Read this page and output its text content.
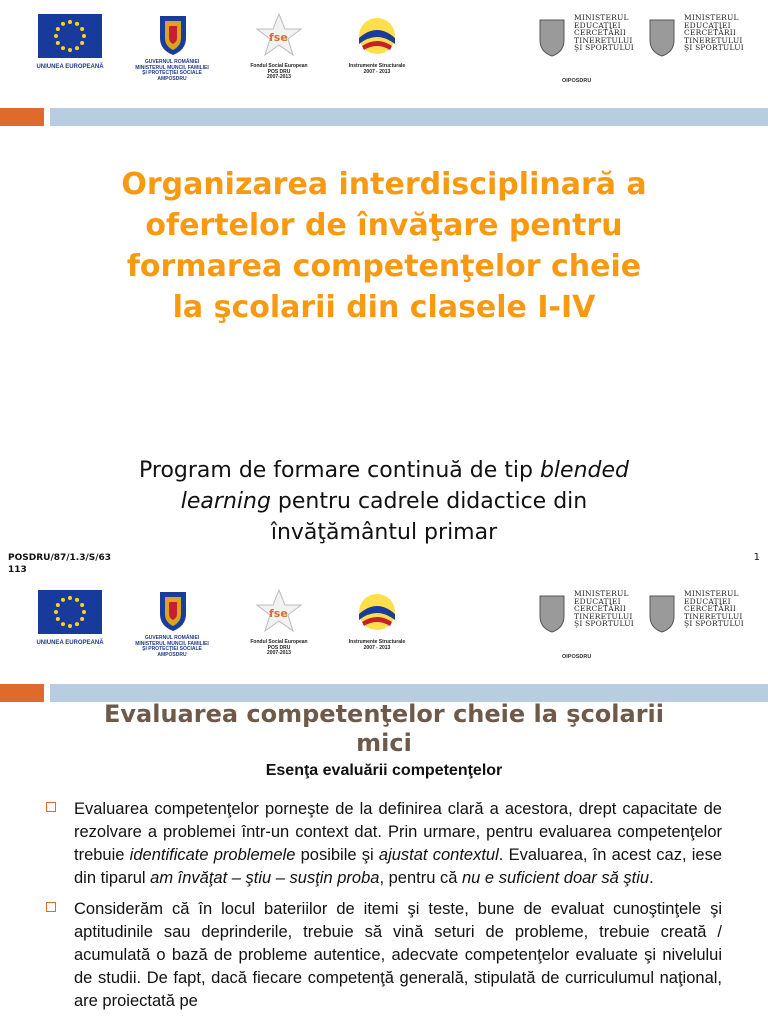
UNIUNEA EUROPEANĂ
GUVERNUL ROMÂNIEI
MINISTERUL MUNCII, FAMILIEI
ŞI PROTECŢIEI SOCIALE
AMPOSDRU
fse
Fondul Social European
POS DRU
2007-2013
Instrumente Structurale
2007 - 2013
MINISTERUL
EDUCAŢIEI
CERCETĂRII
TINERETULUI
ŞI SPORTULUI
MINISTERUL
EDUCAŢIEI
CERCETĂRII
TINERETULUI
ŞI SPORTULUI
OIPOSDRU
Organizarea interdisciplinară a
ofertelor de învăţare pentru
formarea competenţelor cheie
la şcolarii din clasele I-IV
Program de formare continuă de tip blended
learning pentru cadrele didactice din
învăţământul primar
POSDRU/87/1.3/S/63
113
1
UNIUNEA EUROPEANĂ
GUVERNUL ROMÂNIEI
MINISTERUL MUNCII, FAMILIEI
ŞI PROTECŢIEI SOCIALE
AMPOSDRU
fse
Fondul Social European
POS DRU
2007-2013
Instrumente Structurale
2007 - 2013
MINISTERUL
EDUCAŢIEI
CERCETĂRII
TINERETULUI
ŞI SPORTULUI
MINISTERUL
EDUCAŢIEI
CERCETĂRII
TINERETULUI
ŞI SPORTULUI
OIPOSDRU
Evaluarea competenţelor cheie la şcolarii
mici
Esenţa evaluării competenţelor
Evaluarea competenţelor porneşte de la definirea clară a acestora, drept capacitate de rezolvare a problemei într-un context dat. Prin urmare, pentru evaluarea competenţelor trebuie identificate problemele posibile şi ajustat contextul. Evaluarea, în acest caz, iese din tiparul am învăţat – ştiu – susţin proba, pentru că nu e suficient doar să ştiu.
Considerăm că în locul bateriilor de itemi şi teste, bune de evaluat cunoştinţele şi aptitudinile sau deprinderile, trebuie să vină seturi de probleme, trebuie creată / acumulată o bază de probleme autentice, adecvate competenţelor evaluate şi nivelului de studii. De fapt, dacă fiecare competenţă generală, stipulată de curriculumul naţional, are proiectată pe
